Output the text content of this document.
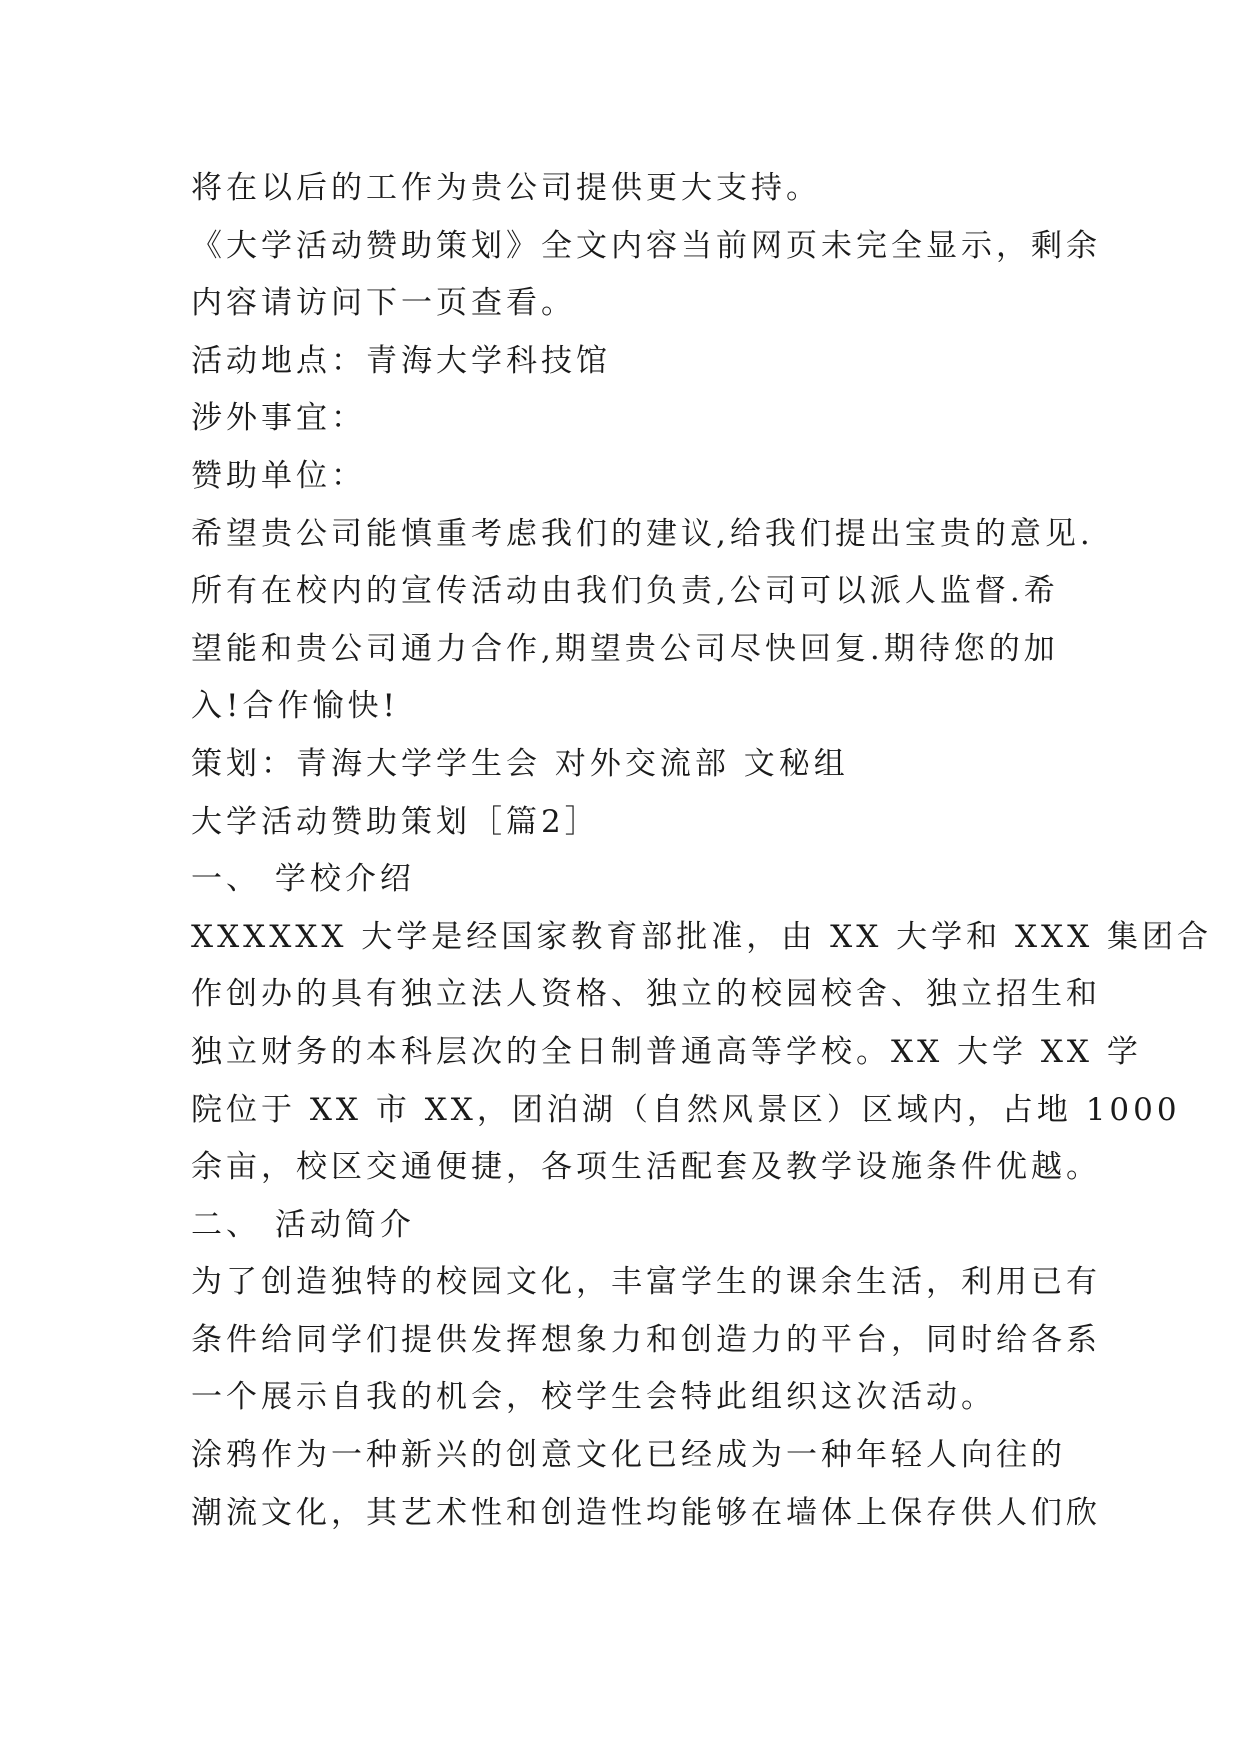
将在以后的工作为贵公司提供更大支持。
《大学活动赞助策划》全文内容当前网页未完全显示，剩余
内容请访问下一页查看。
活动地点：青海大学科技馆
涉外事宜：
赞助单位：
希望贵公司能慎重考虑我们的建议,给我们提出宝贵的意见.
所有在校内的宣传活动由我们负责,公司可以派人监督.希
望能和贵公司通力合作,期望贵公司尽快回复.期待您的加
入!合作愉快!
策划：青海大学学生会 对外交流部 文秘组
大学活动赞助策划［篇2］
一、 学校介绍
XXXXXX 大学是经国家教育部批准，由 XX 大学和 XXX 集团合
作创办的具有独立法人资格、独立的校园校舍、独立招生和
独立财务的本科层次的全日制普通高等学校。XX 大学 XX 学
院位于 XX 市 XX，团泊湖（自然风景区）区域内，占地 1000
余亩，校区交通便捷，各项生活配套及教学设施条件优越。
二、 活动简介
为了创造独特的校园文化，丰富学生的课余生活，利用已有
条件给同学们提供发挥想象力和创造力的平台，同时给各系
一个展示自我的机会，校学生会特此组织这次活动。
涂鸦作为一种新兴的创意文化已经成为一种年轻人向往的
潮流文化，其艺术性和创造性均能够在墙体上保存供人们欣
